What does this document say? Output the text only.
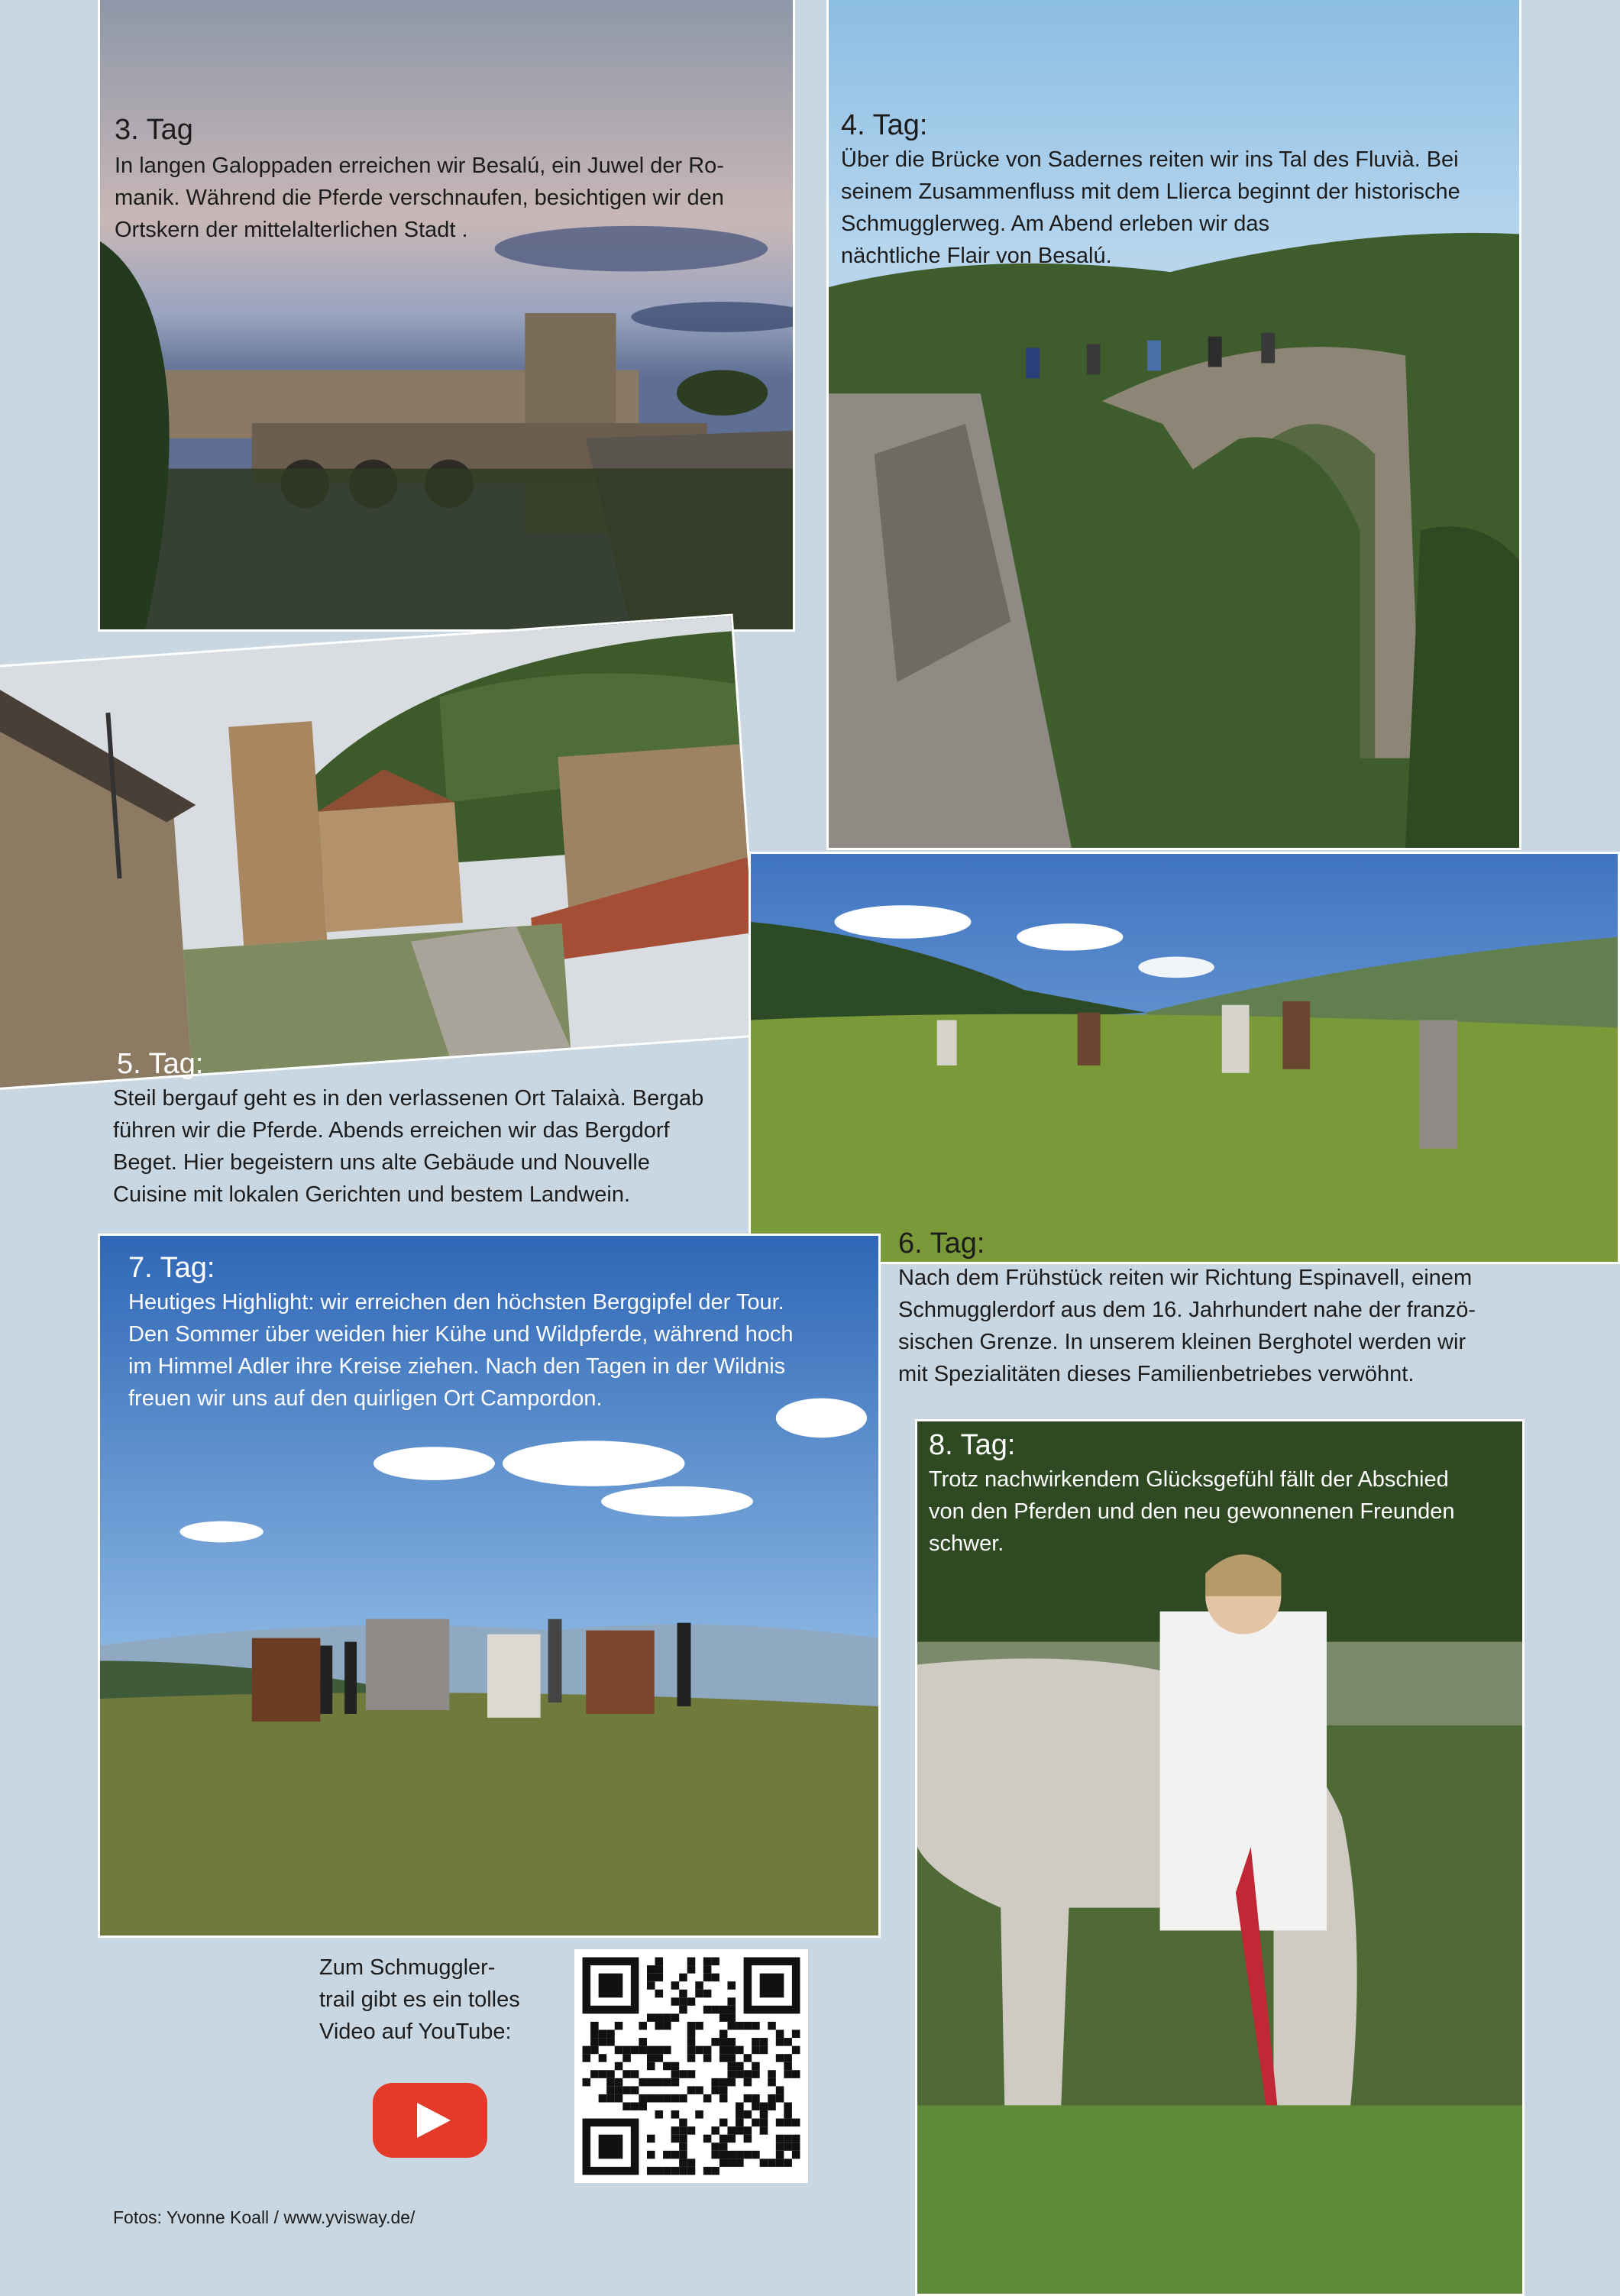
3. Tag
In langen Galoppaden erreichen wir Besalú, ein Juwel der Ro-
manik. Während die Pferde verschnaufen, besichtigen wir den
Ortskern der mittelalterlichen Stadt .
4. Tag:
Über die Brücke von Sadernes reiten wir ins Tal des Fluvià. Bei
seinem Zusammenfluss mit dem Llierca beginnt der historische
Schmugglerweg. Am Abend erleben wir das
nächtliche Flair von Besalú.
5. Tag:
Steil bergauf geht es in den verlassenen Ort Talaixà. Bergab
führen wir die Pferde. Abends erreichen wir das Bergdorf
Beget. Hier begeistern uns alte Gebäude und Nouvelle
Cuisine mit lokalen Gerichten und bestem Landwein.
6. Tag:
Nach dem Frühstück reiten wir Richtung Espinavell, einem
Schmugglerdorf aus dem 16. Jahrhundert nahe der franzö-
sischen Grenze. In unserem kleinen Berghotel werden wir
mit Spezialitäten dieses Familienbetriebes verwöhnt.
7. Tag:
Heutiges Highlight: wir erreichen den höchsten Berggipfel der Tour.
Den Sommer über weiden hier Kühe und Wildpferde, während hoch
im Himmel Adler ihre Kreise ziehen. Nach den Tagen in der Wildnis
freuen wir uns auf den quirligen Ort Campordon.
8. Tag:
Trotz nachwirkendem Glücksgefühl fällt der Abschied
von den Pferden und den neu gewonnenen Freunden
schwer.
Zum Schmuggler-
trail gibt es ein tolles
Video auf YouTube:
Fotos: Yvonne Koall / www.yvisway.de/
